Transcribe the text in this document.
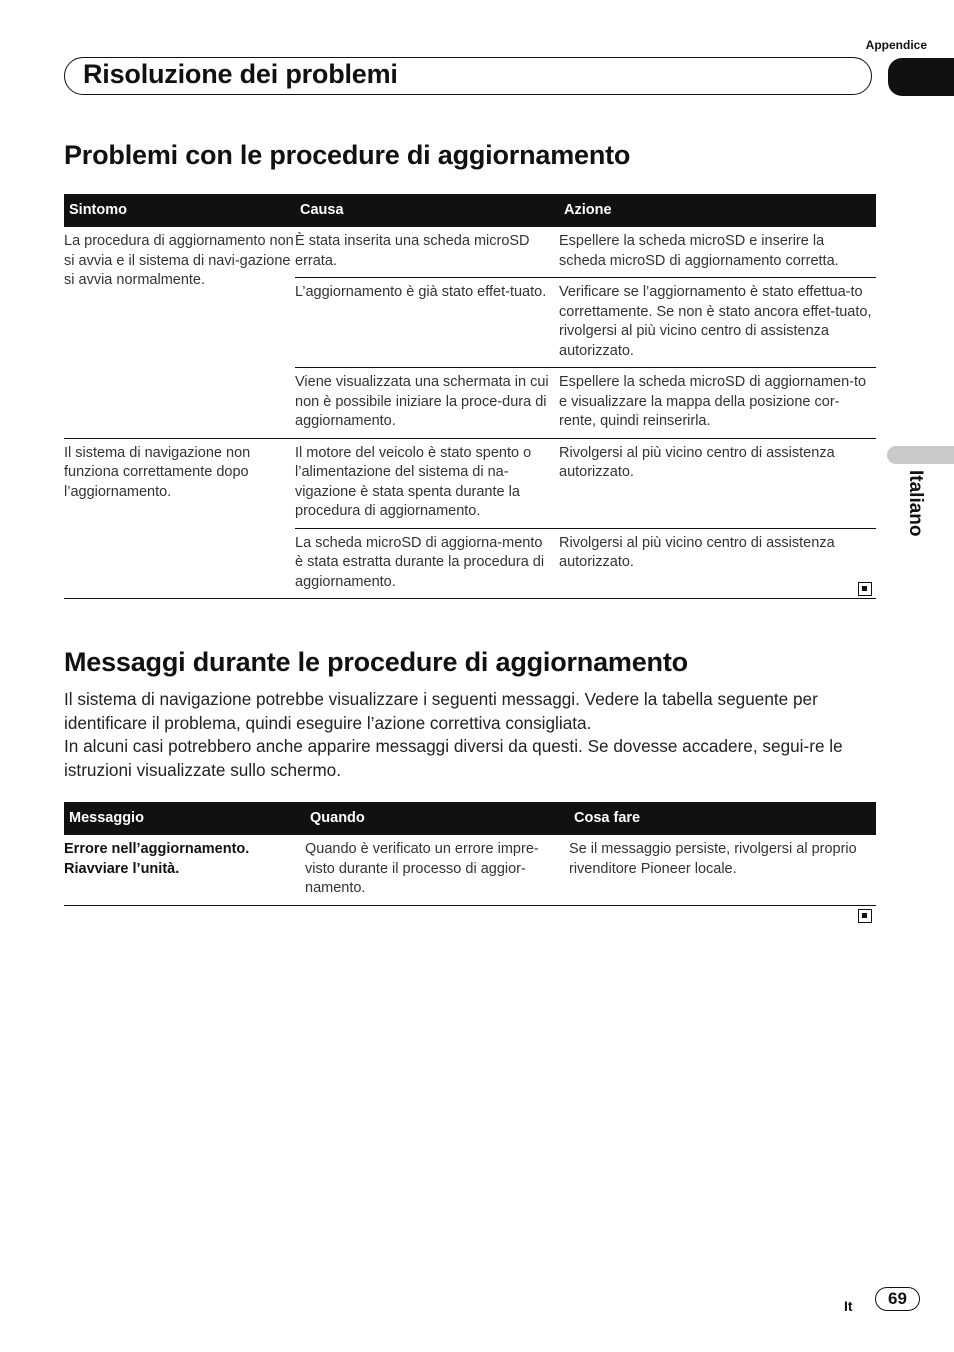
Appendice
Risoluzione dei problemi
Italiano
Problemi con le procedure di aggiornamento
Sintomo	Causa	Azione
La procedura di aggiornamento non si avvia e il sistema di navi-gazione si avvia normalmente.	È stata inserita una scheda microSD errata.	Espellere la scheda microSD e inserire la scheda microSD di aggiornamento corretta.
	L’aggiornamento è già stato effet-tuato.	Verificare se l’aggiornamento è stato effettua-to correttamente. Se non è stato ancora effet-tuato, rivolgersi al più vicino centro di assistenza autorizzato.
	Viene visualizzata una schermata in cui non è possibile iniziare la proce-dura di aggiornamento.	Espellere la scheda microSD di aggiornamen-to e visualizzare la mappa della posizione cor-rente, quindi reinserirla.
Il sistema di navigazione non funziona correttamente dopo l’aggiornamento.	Il motore del veicolo è stato spento o l’alimentazione del sistema di na-vigazione è stata spenta durante la procedura di aggiornamento.	Rivolgersi al più vicino centro di assistenza autorizzato.
	La scheda microSD di aggiorna-mento è stata estratta durante la procedura di aggiornamento.	Rivolgersi al più vicino centro di assistenza autorizzato.
Messaggi durante le procedure di aggiornamento

Il sistema di navigazione potrebbe visualizzare i seguenti messaggi. Vedere la tabella seguente per identificare il problema, quindi eseguire l’azione correttiva consigliata.

In alcuni casi potrebbero anche apparire messaggi diversi da questi. Se dovesse accadere, segui-re le istruzioni visualizzate sullo schermo.

Messaggio	Quando	Cosa fare
Errore nell’aggiornamento. Riavviare l’unità.	Quando è verificato un errore impre-visto durante il processo di aggior-namento.	Se il messaggio persiste, rivolgersi al proprio rivenditore Pioneer locale.
It	69
